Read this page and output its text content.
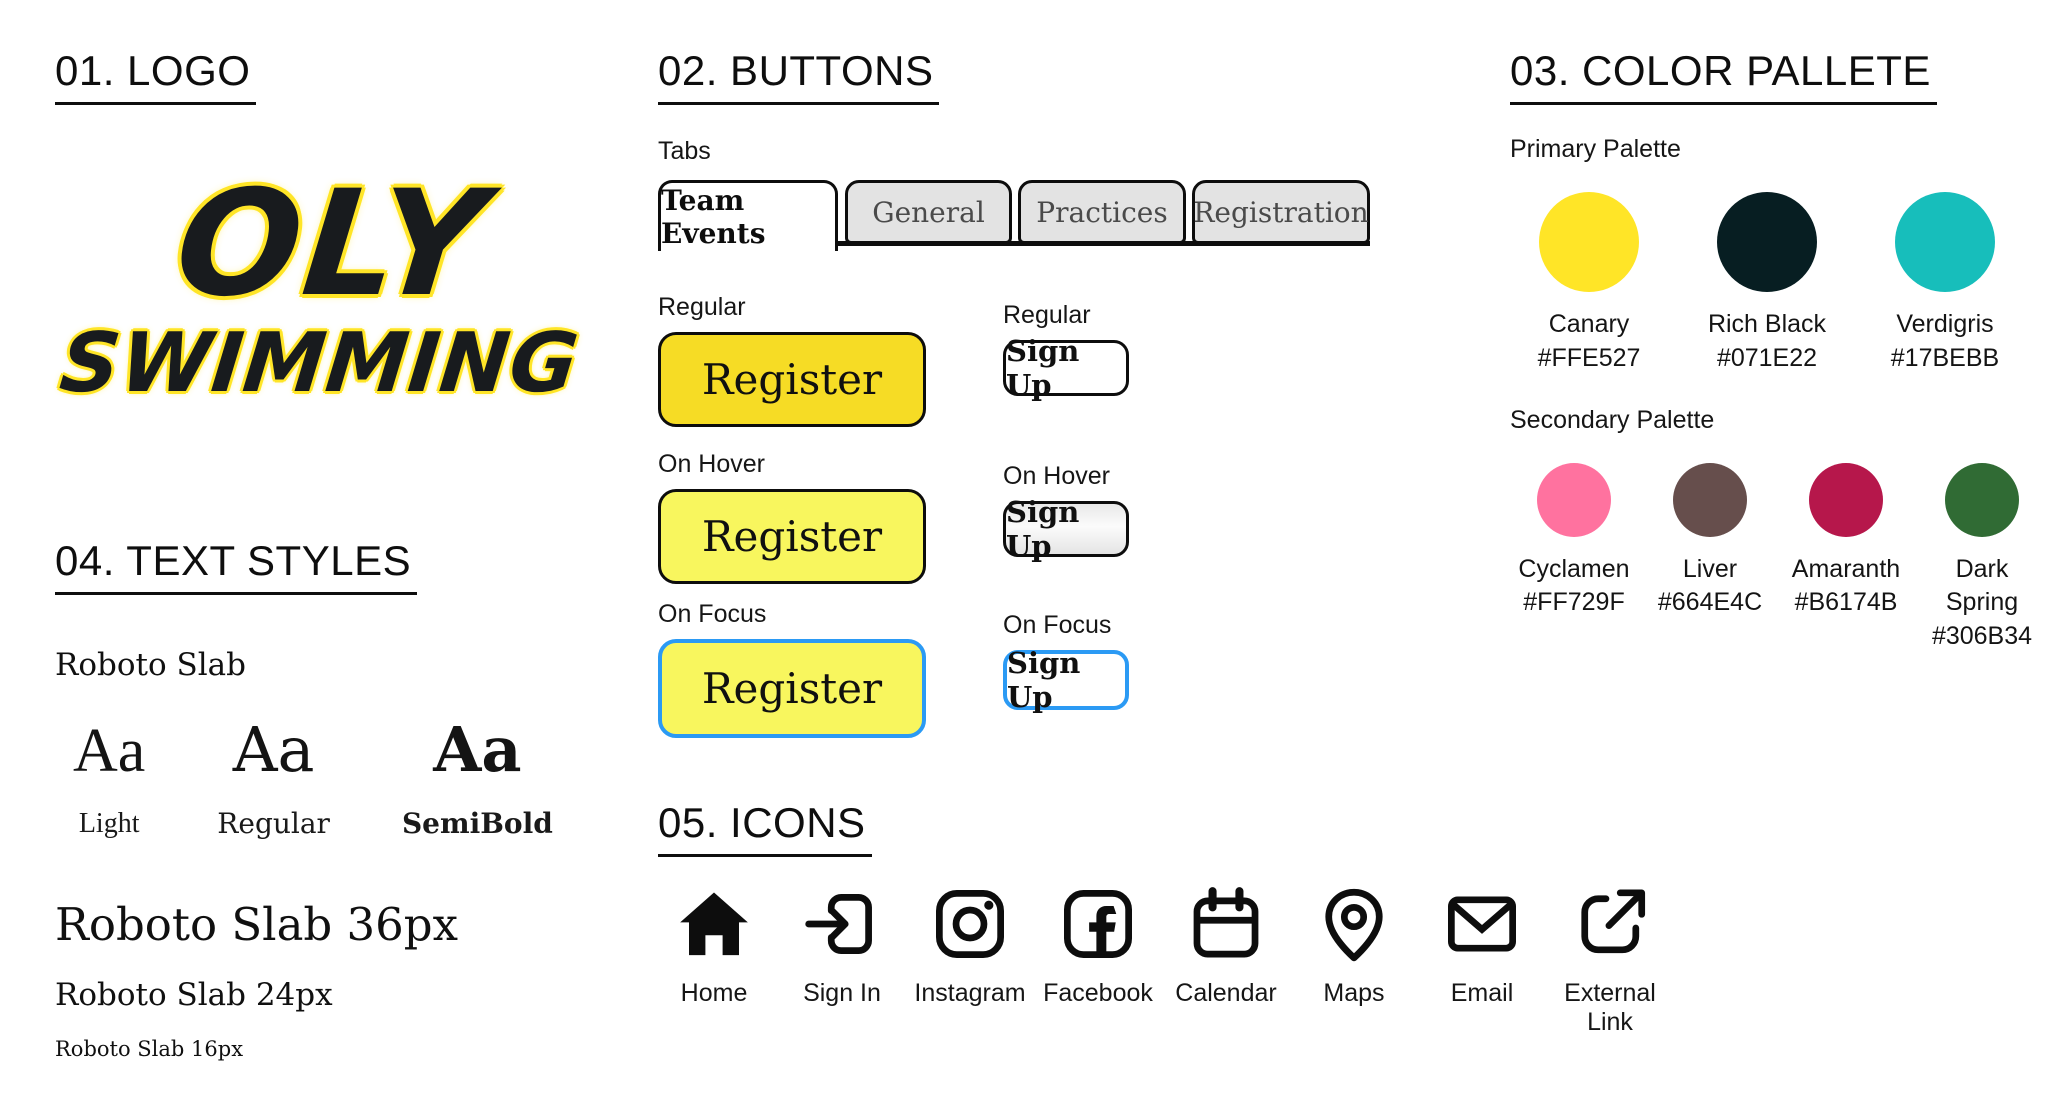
01. LOGO
OLY
SWIMMING
02. BUTTONS
Tabs
Team Events
General	Practices Registration
Regular
Register
Regular
Sign Up
On Hover
Register
On Hover
Sign Up
On Focus
Register
On Focus
Sign Up
03. COLOR PALLETE
Primary Palette
Canary
#FFE527
Rich Black
#071E22
Verdigris
#17BEBB
Secondary Palette
Cyclamen
#FF729F
Liver
#664E4C
Amaranth
#B6174B
Dark Spring
#306B34
04. TEXT STYLES
Roboto Slab
Aa
Light
Aa
Regular
Aa
SemiBold
Roboto Slab 36px
Roboto Slab 24px
Roboto Slab 16px
05. ICONS
Home	Sign In	Instagram Facebook Calendar	Maps	Email	External Link
